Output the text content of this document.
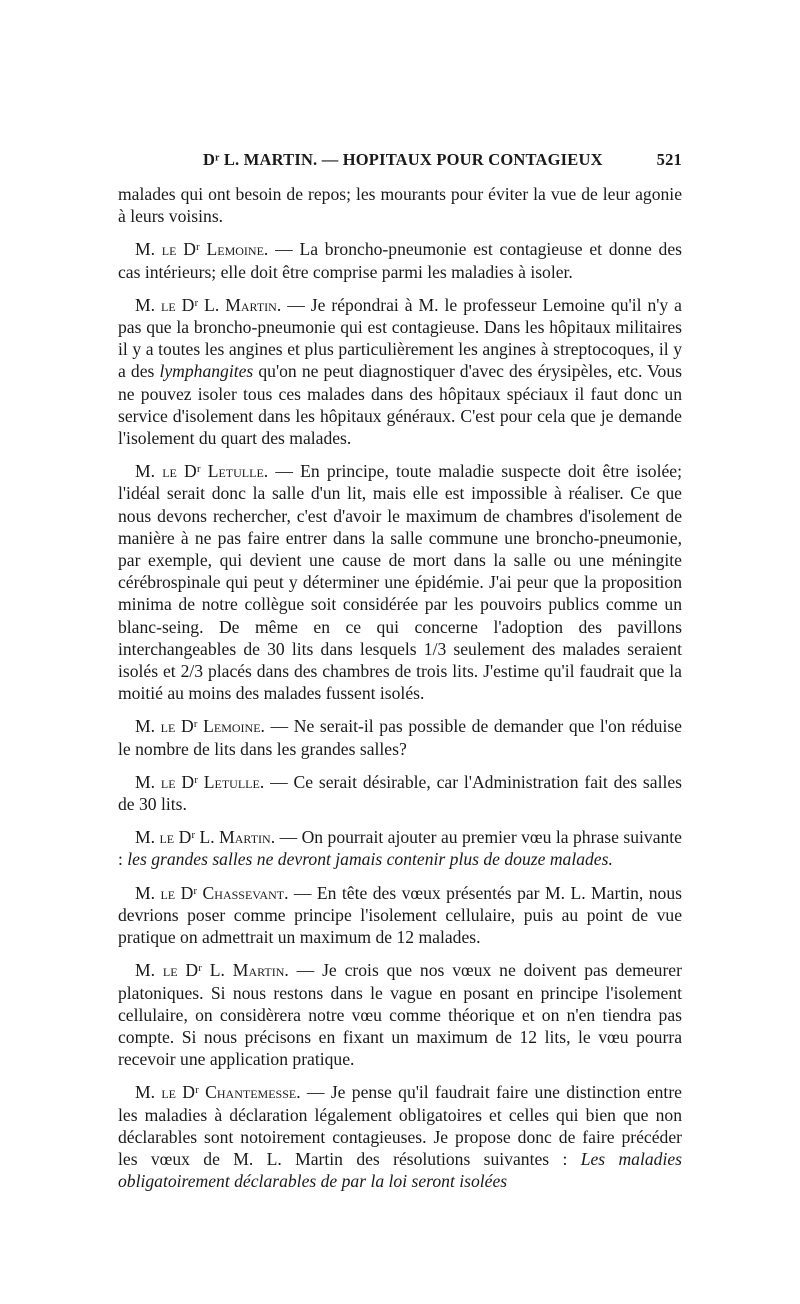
Dʳ L. MARTIN. — HOPITAUX POUR CONTAGIEUX	521

malades qui ont besoin de repos; les mourants pour éviter la vue de leur agonie à leurs voisins.

M. le Dʳ Lemoine. — La broncho-pneumonie est contagieuse et donne des cas intérieurs; elle doit être comprise parmi les maladies à isoler.

M. le Dʳ L. Martin. — Je répondrai à M. le professeur Lemoine qu'il n'y a pas que la broncho-pneumonie qui est contagieuse. Dans les hôpitaux militaires il y a toutes les angines et plus particulièrement les angines à streptocoques, il y a des lymphangites qu'on ne peut diagnostiquer d'avec des érysipèles, etc. Vous ne pouvez isoler tous ces malades dans des hôpitaux spéciaux il faut donc un service d'isolement dans les hôpitaux généraux. C'est pour cela que je demande l'isolement du quart des malades.

M. le Dʳ Letulle. — En principe, toute maladie suspecte doit être isolée; l'idéal serait donc la salle d'un lit, mais elle est impossible à réaliser. Ce que nous devons rechercher, c'est d'avoir le maximum de chambres d'isolement de manière à ne pas faire entrer dans la salle commune une broncho-pneumonie, par exemple, qui devient une cause de mort dans la salle ou une méningite cérébrospinale qui peut y déterminer une épidémie. J'ai peur que la proposition minima de notre collègue soit considérée par les pouvoirs publics comme un blanc-seing. De même en ce qui concerne l'adoption des pavillons interchangeables de 30 lits dans lesquels 1/3 seulement des malades seraient isolés et 2/3 placés dans des chambres de trois lits. J'estime qu'il faudrait que la moitié au moins des malades fussent isolés.

M. le Dʳ Lemoine. — Ne serait-il pas possible de demander que l'on réduise le nombre de lits dans les grandes salles?

M. le Dʳ Letulle. — Ce serait désirable, car l'Administration fait des salles de 30 lits.

M. le Dʳ L. Martin. — On pourrait ajouter au premier vœu la phrase suivante : les grandes salles ne devront jamais contenir plus de douze malades.

M. le Dʳ Chassevant. — En tête des vœux présentés par M. L. Martin, nous devrions poser comme principe l'isolement cellulaire, puis au point de vue pratique on admettrait un maximum de 12 malades.

M. le Dʳ L. Martin. — Je crois que nos vœux ne doivent pas demeurer platoniques. Si nous restons dans le vague en posant en principe l'isolement cellulaire, on considèrera notre vœu comme théorique et on n'en tiendra pas compte. Si nous précisons en fixant un maximum de 12 lits, le vœu pourra recevoir une application pratique.

M. le Dʳ Chantemesse. — Je pense qu'il faudrait faire une distinction entre les maladies à déclaration légalement obligatoires et celles qui bien que non déclarables sont notoirement contagieuses. Je propose donc de faire précéder les vœux de M. L. Martin des résolutions suivantes : Les maladies obligatoirement déclarables de par la loi seront isolées
